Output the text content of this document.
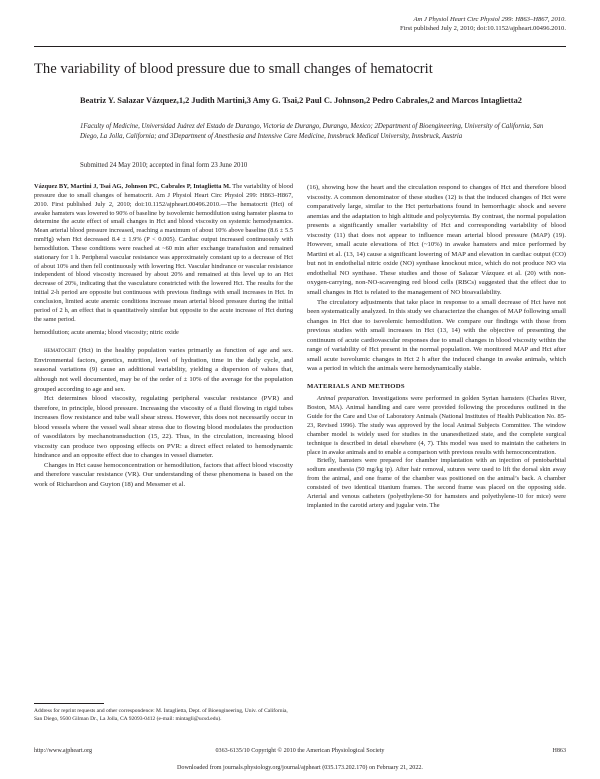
Am J Physiol Heart Circ Physiol 299: H863–H867, 2010.
First published July 2, 2010; doi:10.1152/ajpheart.00496.2010.
The variability of blood pressure due to small changes of hematocrit
Beatriz Y. Salazar Vázquez,1,2 Judith Martini,3 Amy G. Tsai,2 Paul C. Johnson,2 Pedro Cabrales,2 and Marcos Intaglietta2
1Faculty of Medicine, Universidad Juárez del Estado de Durango, Victoria de Durango, Durango, Mexico; 2Department of Bioengineering, University of California, San Diego, La Jolla, California; and 3Department of Anesthesia and Intensive Care Medicine, Innsbruck Medical University, Innsbruck, Austria
Submitted 24 May 2010; accepted in final form 23 June 2010

Vázquez BY, Martini J, Tsai AG, Johnson PC, Cabrales P, Intaglietta M. The variability of blood pressure due to small changes of hematocrit. Am J Physiol Heart Circ Physiol 299: H863–H867, 2010. First published July 2, 2010; doi:10.1152/ajpheart.00496.2010.—The hematocrit (Hct) of awake hamsters was lowered to 90% of baseline by isovolemic hemodilution using hamster plasma to determine the acute effect of small changes in Hct and blood viscosity on systemic hemodynamics. Mean arterial blood pressure increased, reaching a maximum of about 10% above baseline (8.6 ± 5.5 mmHg) when Hct decreased 8.4 ± 1.9% (P < 0.005). Cardiac output increased continuously with hemodilution. These conditions were reached at ~60 min after exchange transfusion and remained stationary for 1 h. Peripheral vascular resistance was approximately constant up to a decrease of Hct of about 10% and then fell continuously with lowering Hct. Vascular hindrance or vascular resistance independent of blood viscosity increased by about 20% and remained at this level up to an Hct decrease of 20%, indicating that the vasculature constricted with the lowered Hct. The results for the initial 2-h period are opposite but continuous with previous findings with small increases in Hct. In conclusion, limited acute anemic conditions increase mean arterial blood pressure during the initial period of 2 h, an effect that is quantitatively similar but opposite to the acute increase of Hct during the same period.

hemodilution; acute anemia; blood viscosity; nitric oxide

hematocrit (Hct) in the healthy population varies primarily as function of age and sex. Environmental factors, genetics, nutrition, level of hydration, time in the daily cycle, and seasonal variations (9) cause an additional variability, yielding a dispersion of values that, although not well documented, may be of the order of ± 10% of the average for the population grouped according to age and sex.

Hct determines blood viscosity, regulating peripheral vascular resistance (PVR) and therefore, in principle, blood pressure. Increasing the viscosity of a fluid flowing in rigid tubes increases flow resistance and tube wall shear stress. However, this does not necessarily occur in blood vessels where the vessel wall shear stress due to flowing blood modulates the production of vasodilators by mechanotransduction (15, 22). Thus, in the circulation, increasing blood viscosity can produce two opposing effects on PVR: a direct effect related to hemodynamic hindrance and an opposite effect due to changes in vessel diameter.

Changes in Hct cause hemoconcentration or hemodilution, factors that affect blood viscosity and therefore vascular resistance (VR). Our understanding of these phenomena is based on the work of Richardson and Guyton (18) and Messmer et al.

Address for reprint requests and other correspondence: M. Intaglietta, Dept. of Bioengineering, Univ. of California, San Diego, 9500 Gilman Dr., La Jolla, CA 92093-0412 (e-mail: mintagli@ucsd.edu).

(16), showing how the heart and the circulation respond to changes of Hct and therefore blood viscosity. A common denominator of these studies (12) is that the induced changes of Hct were comparatively large, similar to the Hct perturbations found in hemorrhagic shock and severe anemias and the adaptation to high altitude and polycytemia. By contrast, the normal population presents a significantly smaller variability of Hct and corresponding variability of blood viscosity (11) that does not appear to influence mean arterial blood pressure (MAP) (19). However, small acute elevations of Hct (~10%) in awake hamsters and mice performed by Martini et al. (13, 14) cause a significant lowering of MAP and elevation in cardiac output (CO) but not in endothelial nitric oxide (NO) synthase knockout mice, which do not produce NO via endothelial NO synthase. These studies and those of Salazar Vázquez et al. (20) with non-oxygen-carrying, non-NO-scavenging red blood cells (RBCs) suggested that the effect due to small changes in Hct is related to the management of NO bioavailability.

The circulatory adjustments that take place in response to a small decrease of Hct have not been systematically analyzed. In this study we characterize the changes of MAP following small changes in Hct due to isovolemic hemodilution. We compare our findings with those from previous studies with small increases in Hct (13, 14) with the objective of presenting the continuum of acute cardiovascular responses due to small changes in blood viscosity within the range of variability of Hct present in the normal population. We monitored MAP and Hct after small acute isovolumic changes in Hct 2 h after the induced change in awake animals, which was a period in which the animals were hemodynamically stable.

MATERIALS AND METHODS

Animal preparation. Investigations were performed in golden Syrian hamsters (Charles River, Boston, MA). Animal handling and care were provided following the procedures outlined in the Guide for the Care and Use of Laboratory Animals (National Institutes of Health Publication No. 85-23, Revised 1996). The study was approved by the local Animal Subjects Committee. The window chamber model is widely used for studies in the unanesthetized state, and the complete surgical technique is described in detail elsewhere (4, 7). This model was used to maintain the catheters in place in awake animals and to enable a comparison with previous results with hemoconcentration.

Briefly, hamsters were prepared for chamber implantation with an injection of pentobarbital sodium anesthesia (50 mg/kg ip). After hair removal, sutures were used to lift the dorsal skin away from the animal, and one frame of the chamber was positioned on the animal’s back. A chamber consisted of two identical titanium frames. The second frame was placed on the opposing side. Arterial and venous catheters (polyethylene-50 for hamsters and polyethylene-10 for mice) were implanted in the carotid artery and jugular vein. The

http://www.ajpheart.org	0363-6135/10 Copyright © 2010 the American Physiological Society	H863
Downloaded from journals.physiology.org/journal/ajpheart (035.173.202.170) on February 21, 2022.
